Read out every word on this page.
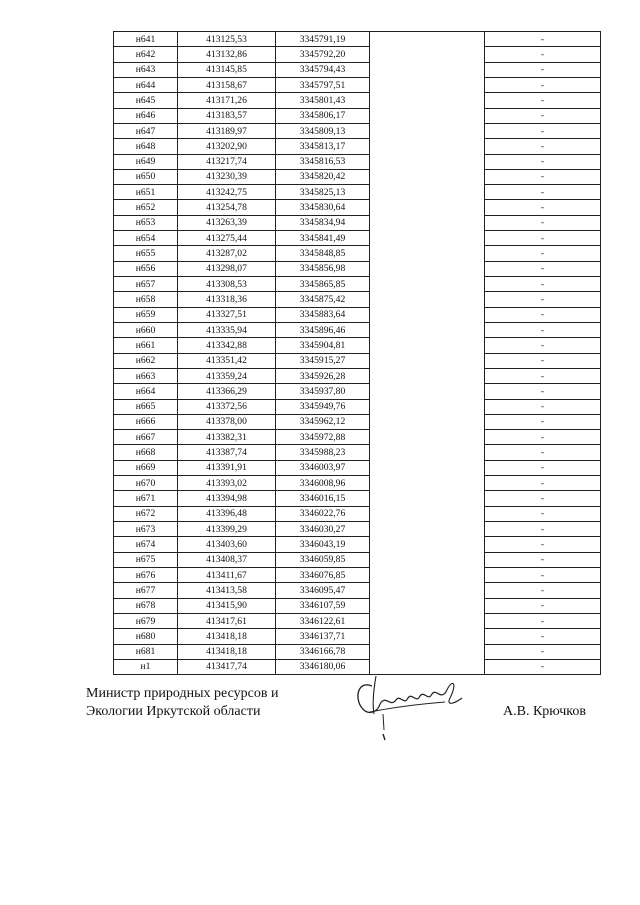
н641	413125,53	3345791,19		-
н642	413132,86	3345792,20		-
н643	413145,85	3345794,43		-
н644	413158,67	3345797,51		-
н645	413171,26	3345801,43		-
н646	413183,57	3345806,17		-
н647	413189,97	3345809,13		-
н648	413202,90	3345813,17		-
н649	413217,74	3345816,53		-
н650	413230,39	3345820,42		-
н651	413242,75	3345825,13		-
н652	413254,78	3345830,64		-
н653	413263,39	3345834,94		-
н654	413275,44	3345841,49		-
н655	413287,02	3345848,85		-
н656	413298,07	3345856,98		-
н657	413308,53	3345865,85		-
н658	413318,36	3345875,42		-
н659	413327,51	3345883,64		-
н660	413335,94	3345896,46		-
н661	413342,88	3345904,81		-
н662	413351,42	3345915,27		-
н663	413359,24	3345926,28		-
н664	413366,29	3345937,80		-
н665	413372,56	3345949,76		-
н666	413378,00	3345962,12		-
н667	413382,31	3345972,88		-
н668	413387,74	3345988,23		-
н669	413391,91	3346003,97		-
н670	413393,02	3346008,96		-
н671	413394,98	3346016,15		-
н672	413396,48	3346022,76		-
н673	413399,29	3346030,27		-
н674	413403,60	3346043,19		-
н675	413408,37	3346059,85		-
н676	413411,67	3346076,85		-
н677	413413,58	3346095,47		-
н678	413415,90	3346107,59		-
н679	413417,61	3346122,61		-
н680	413418,18	3346137,71		-
н681	413418,18	3346166,78		-
н1	413417,74	3346180,06		-
Министр природных ресурсов и
Экологии Иркутской области	А.В. Крючков
